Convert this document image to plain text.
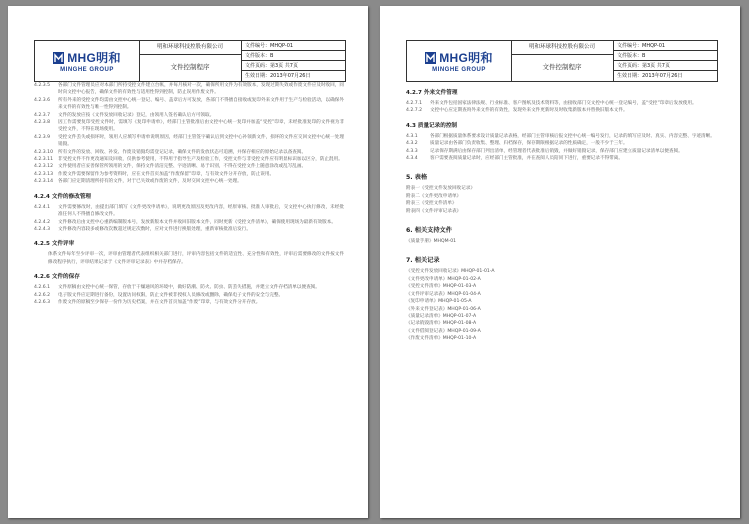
MHG明和
MINGHE GROUP
明和环球科技控股有限公司
文件控制程序
文件编号：MHQP-01
文件版本：B
文件页码：第3页 共7页
生效日期：2013年07月26日
4.2.3.5 各部门文件管理员应对本部门所持受控文件建立台帐，并每月核对一次，确保所用文件为有效版本，发现过期失效或作废文件应及时收回，同时向文控中心报告，确保文件的有效性与适用性得到控制，防止误用作废文件。
4.2.3.6 所有外来的受控文件均需由文控中心统一登记、编号、盖章后方可发放，各部门不得擅自接收或复印外来文件用于生产与检验活动，以确保外来文件的有效性与唯一性得到控制。
4.2.3.7 文件的发放应按《文件发放回收记录》登记，由领用人签名确认后方可领取。
4.2.3.8 因工作需要复印受控文件时，需填写《复印申请单》，经部门主管批准后由文控中心统一复印并加盖“受控”印章，未经批准复印的文件视为非受控文件，不得在现场使用。
4.2.3.9 受控文件丢失或损坏时，领用人应填写申请单说明原因，经部门主管签字确认后到文控中心补领新文件，损坏的文件应交回文控中心统一处理销毁。
4.2.3.10 所有文件的发放、回收、补发、作废及销毁均需登记记录，确保文件的发放状态可追溯，并保存相应的原始记录以备查阅。
4.2.3.11 非受控文件不作更改通知及回收，仅供参考使用，不得用于指导生产及检验工作，受控文件与非受控文件应有明显标识加以区分，防止混用。
4.2.3.12 文件使用者应妥善保管所领用的文件，保持文件清洁完整、字迹清晰、易于识别，不得在受控文件上随意涂改或乱写乱画。
4.2.3.13 作废文件需要保留作为参考资料时，应在文件首页加盖“作废保留”印章，与有效文件分开存放，防止误用。
4.2.3.14 各部门应定期清理所持有的文件，对于已失效或作废的文件，及时交回文控中心统一处理。
4.2.4 文件的修改管理
4.2.4.1 文件需要修改时，由提出部门填写《文件更改申请单》，说明更改原因及更改内容，经原审核、批准人审批后，交文控中心执行修改，未经批准任何人不得擅自修改文件。
4.2.4.2 文件修改后由文控中心重新编制版本号，发放新版本文件并收回旧版本文件，同时更新《受控文件清单》，确保使用现场为最新有效版本。
4.2.4.3 文件修改内容较多或修改次数超过规定次数时，应对文件进行换版处理，重新审核批准后发行。
4.2.5 文件评审
体系文件每年至少评审一次，评审由管理者代表组织相关部门进行，评审内容包括文件的适宜性、充分性和有效性，评审后需要修改的文件按文件修改程序执行，评审结果记录于《文件评审记录表》中并存档保存。
4.2.6 文件的保存
4.2.6.1 文件原稿由文控中心统一保管，存放于干燥通风的环境中，做好防潮、防火、防虫、防丢失措施，并建立文件存档清单以便查阅。
4.2.6.2 电子版文件应定期进行备份，设置访问权限，防止文件被非授权人员修改或删除，确保电子文件的安全与完整。
4.2.6.3 作废文件的原稿至少保存一份作为历史档案，并在文件首页加盖“作废”印章，与有效文件分开存放。
MHG明和
MINGHE GROUP
明和环球科技控股有限公司
文件控制程序
文件编号：MHQP-01
文件版本：B
文件页码：第3页 共7页
生效日期：2013年07月26日
4.2.7 外来文件管理
4.2.7.1 外来文件包括国家法律法规、行业标准、客户图纸及技术资料等，由接收部门交文控中心统一登记编号，盖“受控”印章后发放使用。
4.2.7.2 文控中心应定期查询外来文件的有效性，发现外来文件更新时及时收集新版本并替换旧版本文件。
4.3 质量记录的控制
4.3.1	各部门根据质量体系要求设计质量记录表格，经部门主管审核后报文控中心统一编号发行，记录的填写应及时、真实、内容完整、字迹清晰。
4.3.2	质量记录由各部门负责收集、整理、归档保存，保存期限根据记录的性质确定，一般不少于三年。
4.3.3	记录保存期满后由保存部门列出清单，经管理者代表批准后销毁，并做好销毁记录，保存部门应建立质量记录清单以便查阅。
4.3.4	客户需要查阅质量记录时，应经部门主管批准，并在查阅人员陪同下进行，重要记录不得带离。
5. 表格
附表一《受控文件发放回收记录》
附表二《文件更改申请单》
附表三《受控文件清单》
附表四《文件评审记录表》
6. 相关支持文件
《质量手册》MHQM-01
7. 相关记录
《受控文件发放回收记录》MHQP-01-01-A
《文件更改申请单》MHQP-01-02-A
《受控文件清单》MHQP-01-03-A
《文件评审记录表》MHQP-01-04-A
《复印申请单》MHQP-01-05-A
《外来文件登记表》MHQP-01-06-A
《质量记录清单》MHQP-01-07-A
《记录销毁清单》MHQP-01-08-A
《文件借阅登记表》MHQP-01-09-A
《作废文件清单》MHQP-01-10-A
